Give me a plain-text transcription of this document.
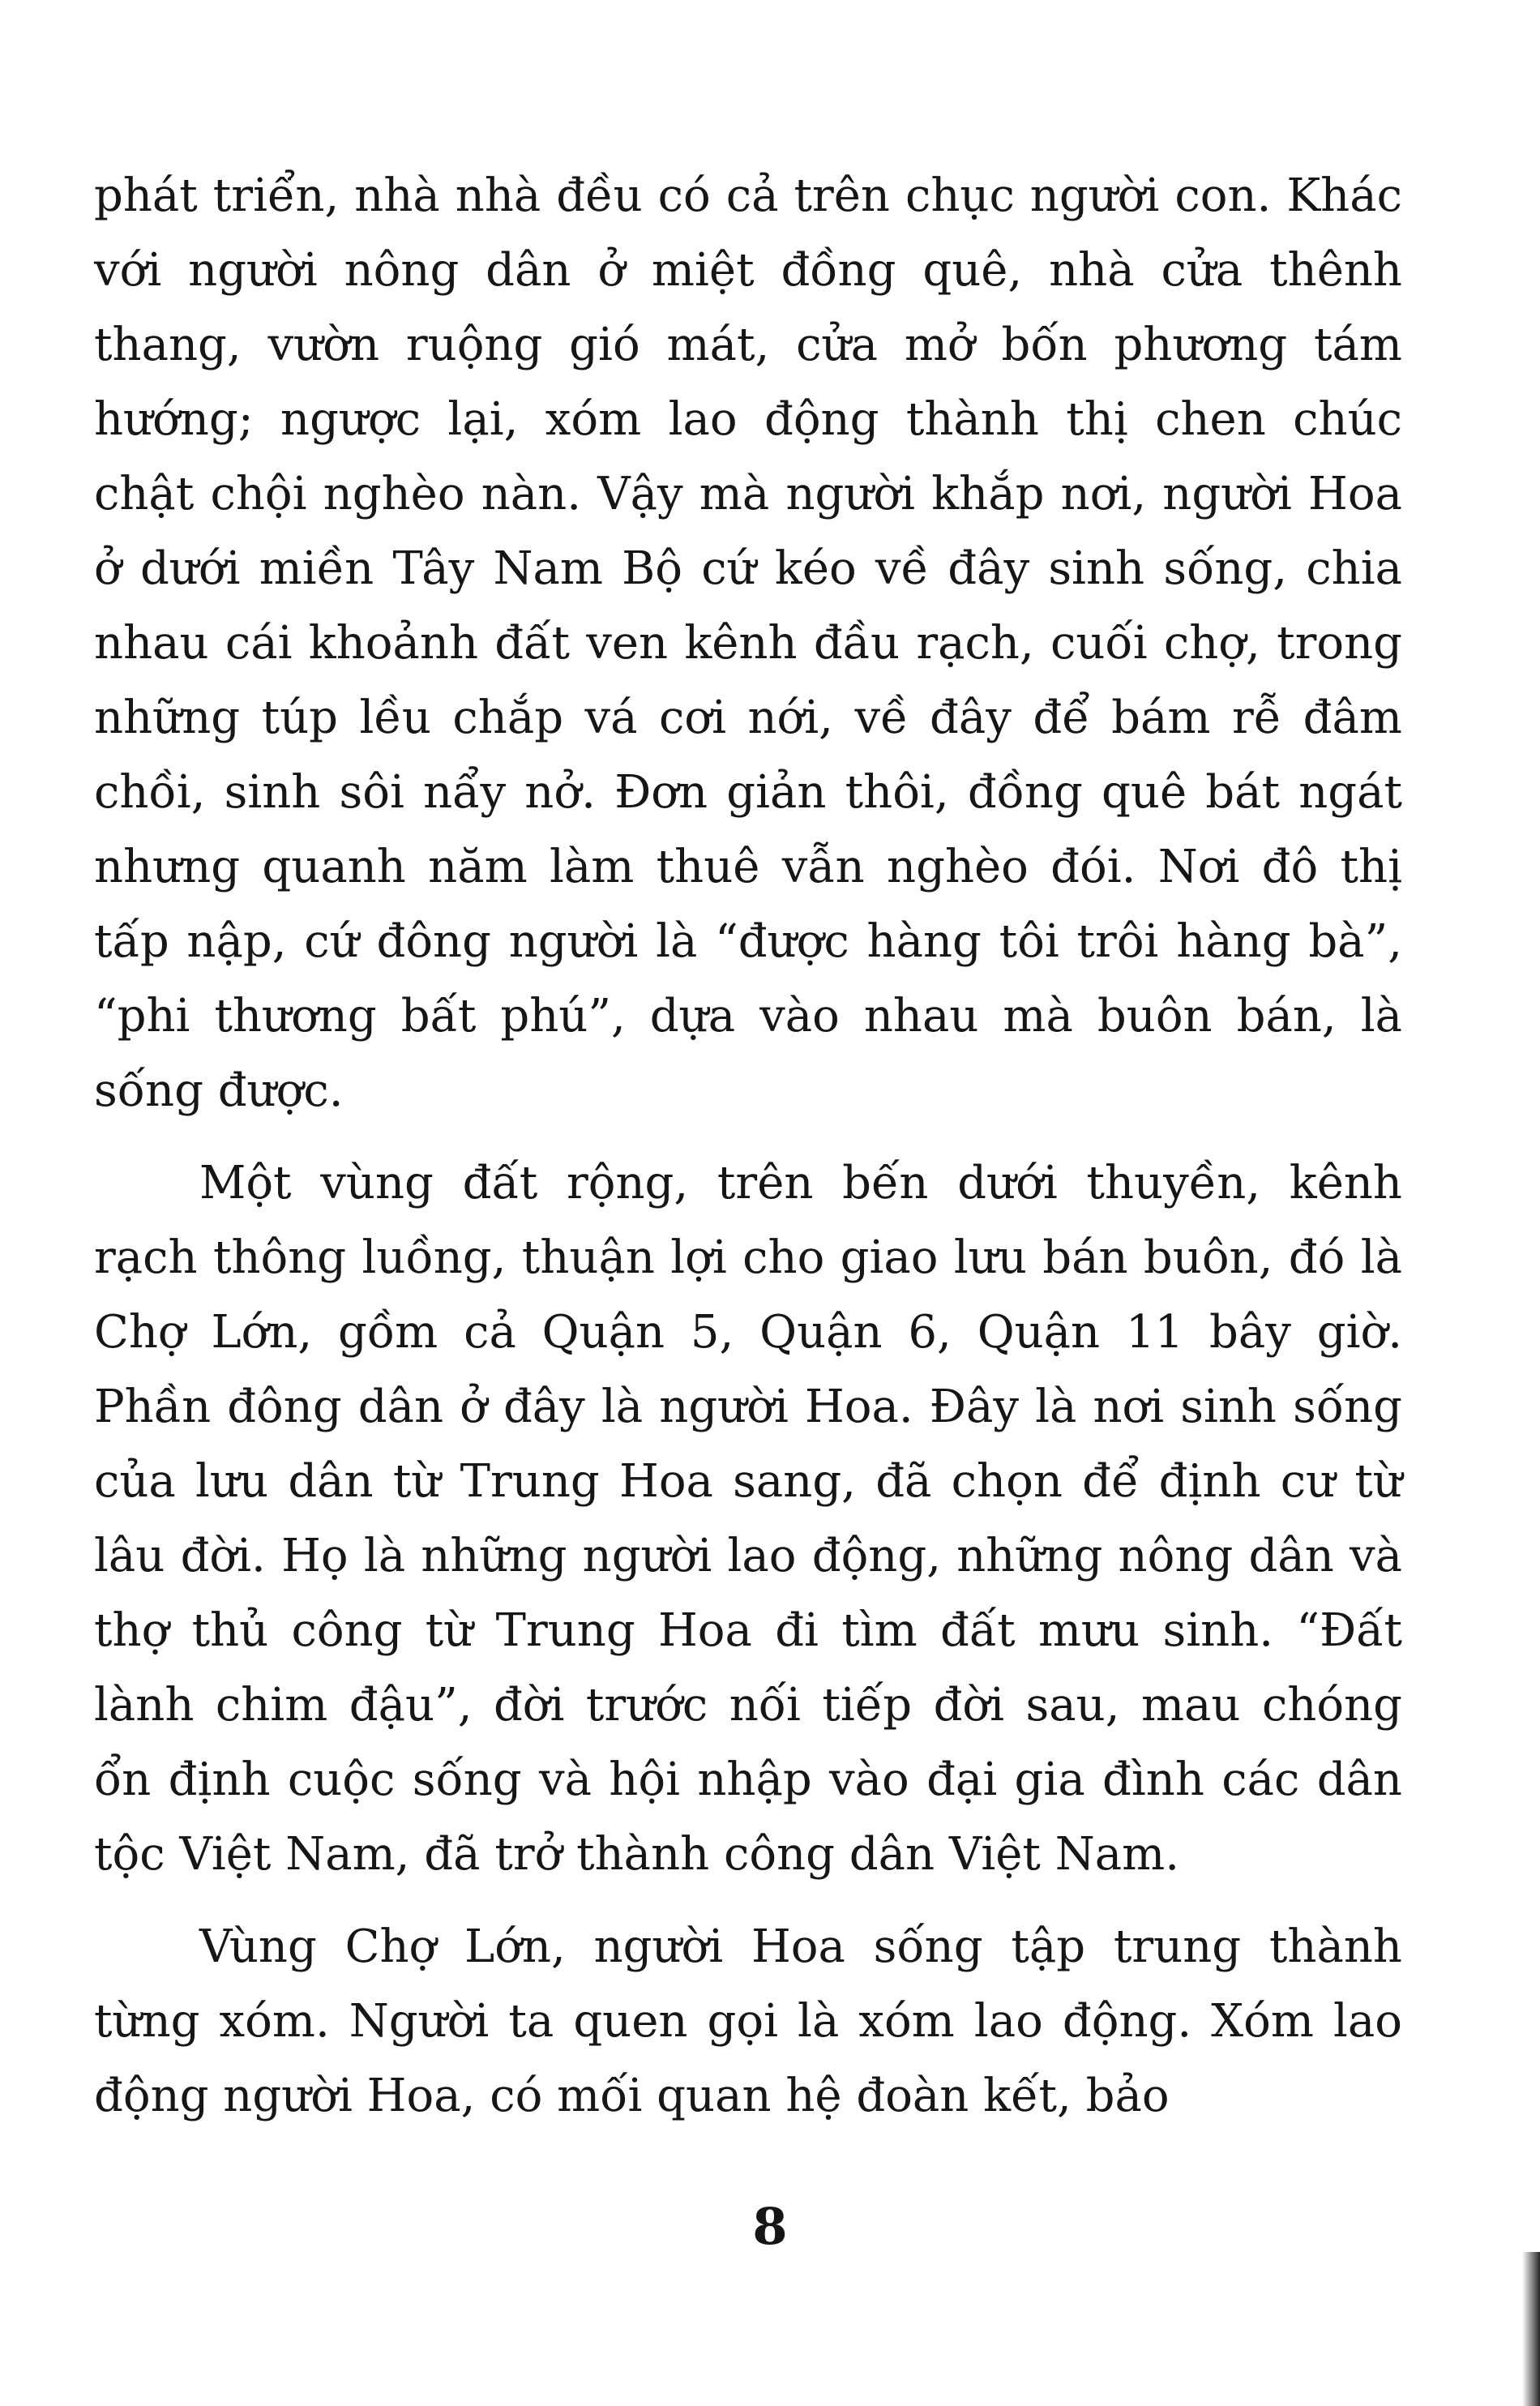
phát triển, nhà nhà đều có cả trên chục người con. Khác với người nông dân ở miệt đồng quê, nhà cửa thênh thang, vườn ruộng gió mát, cửa mở bốn phương tám hướng; ngược lại, xóm lao động thành thị chen chúc chật chội nghèo nàn. Vậy mà người khắp nơi, người Hoa ở dưới miền Tây Nam Bộ cứ kéo về đây sinh sống, chia nhau cái khoảnh đất ven kênh đầu rạch, cuối chợ, trong những túp lều chắp vá cơi nới, về đây để bám rễ đâm chồi, sinh sôi nẩy nở. Đơn giản thôi, đồng quê bát ngát nhưng quanh năm làm thuê vẫn nghèo đói. Nơi đô thị tấp nập, cứ đông người là “được hàng tôi trôi hàng bà”, “phi thương bất phú”, dựa vào nhau mà buôn bán, là sống được.

Một vùng đất rộng, trên bến dưới thuyền, kênh rạch thông luồng, thuận lợi cho giao lưu bán buôn, đó là Chợ Lớn, gồm cả Quận 5, Quận 6, Quận 11 bây giờ. Phần đông dân ở đây là người Hoa. Đây là nơi sinh sống của lưu dân từ Trung Hoa sang, đã chọn để định cư từ lâu đời. Họ là những người lao động, những nông dân và thợ thủ công từ Trung Hoa đi tìm đất mưu sinh. “Đất lành chim đậu”, đời trước nối tiếp đời sau, mau chóng ổn định cuộc sống và hội nhập vào đại gia đình các dân tộc Việt Nam, đã trở thành công dân Việt Nam.

Vùng Chợ Lớn, người Hoa sống tập trung thành từng xóm. Người ta quen gọi là xóm lao động. Xóm lao động người Hoa, có mối quan hệ đoàn kết, bảo

8
